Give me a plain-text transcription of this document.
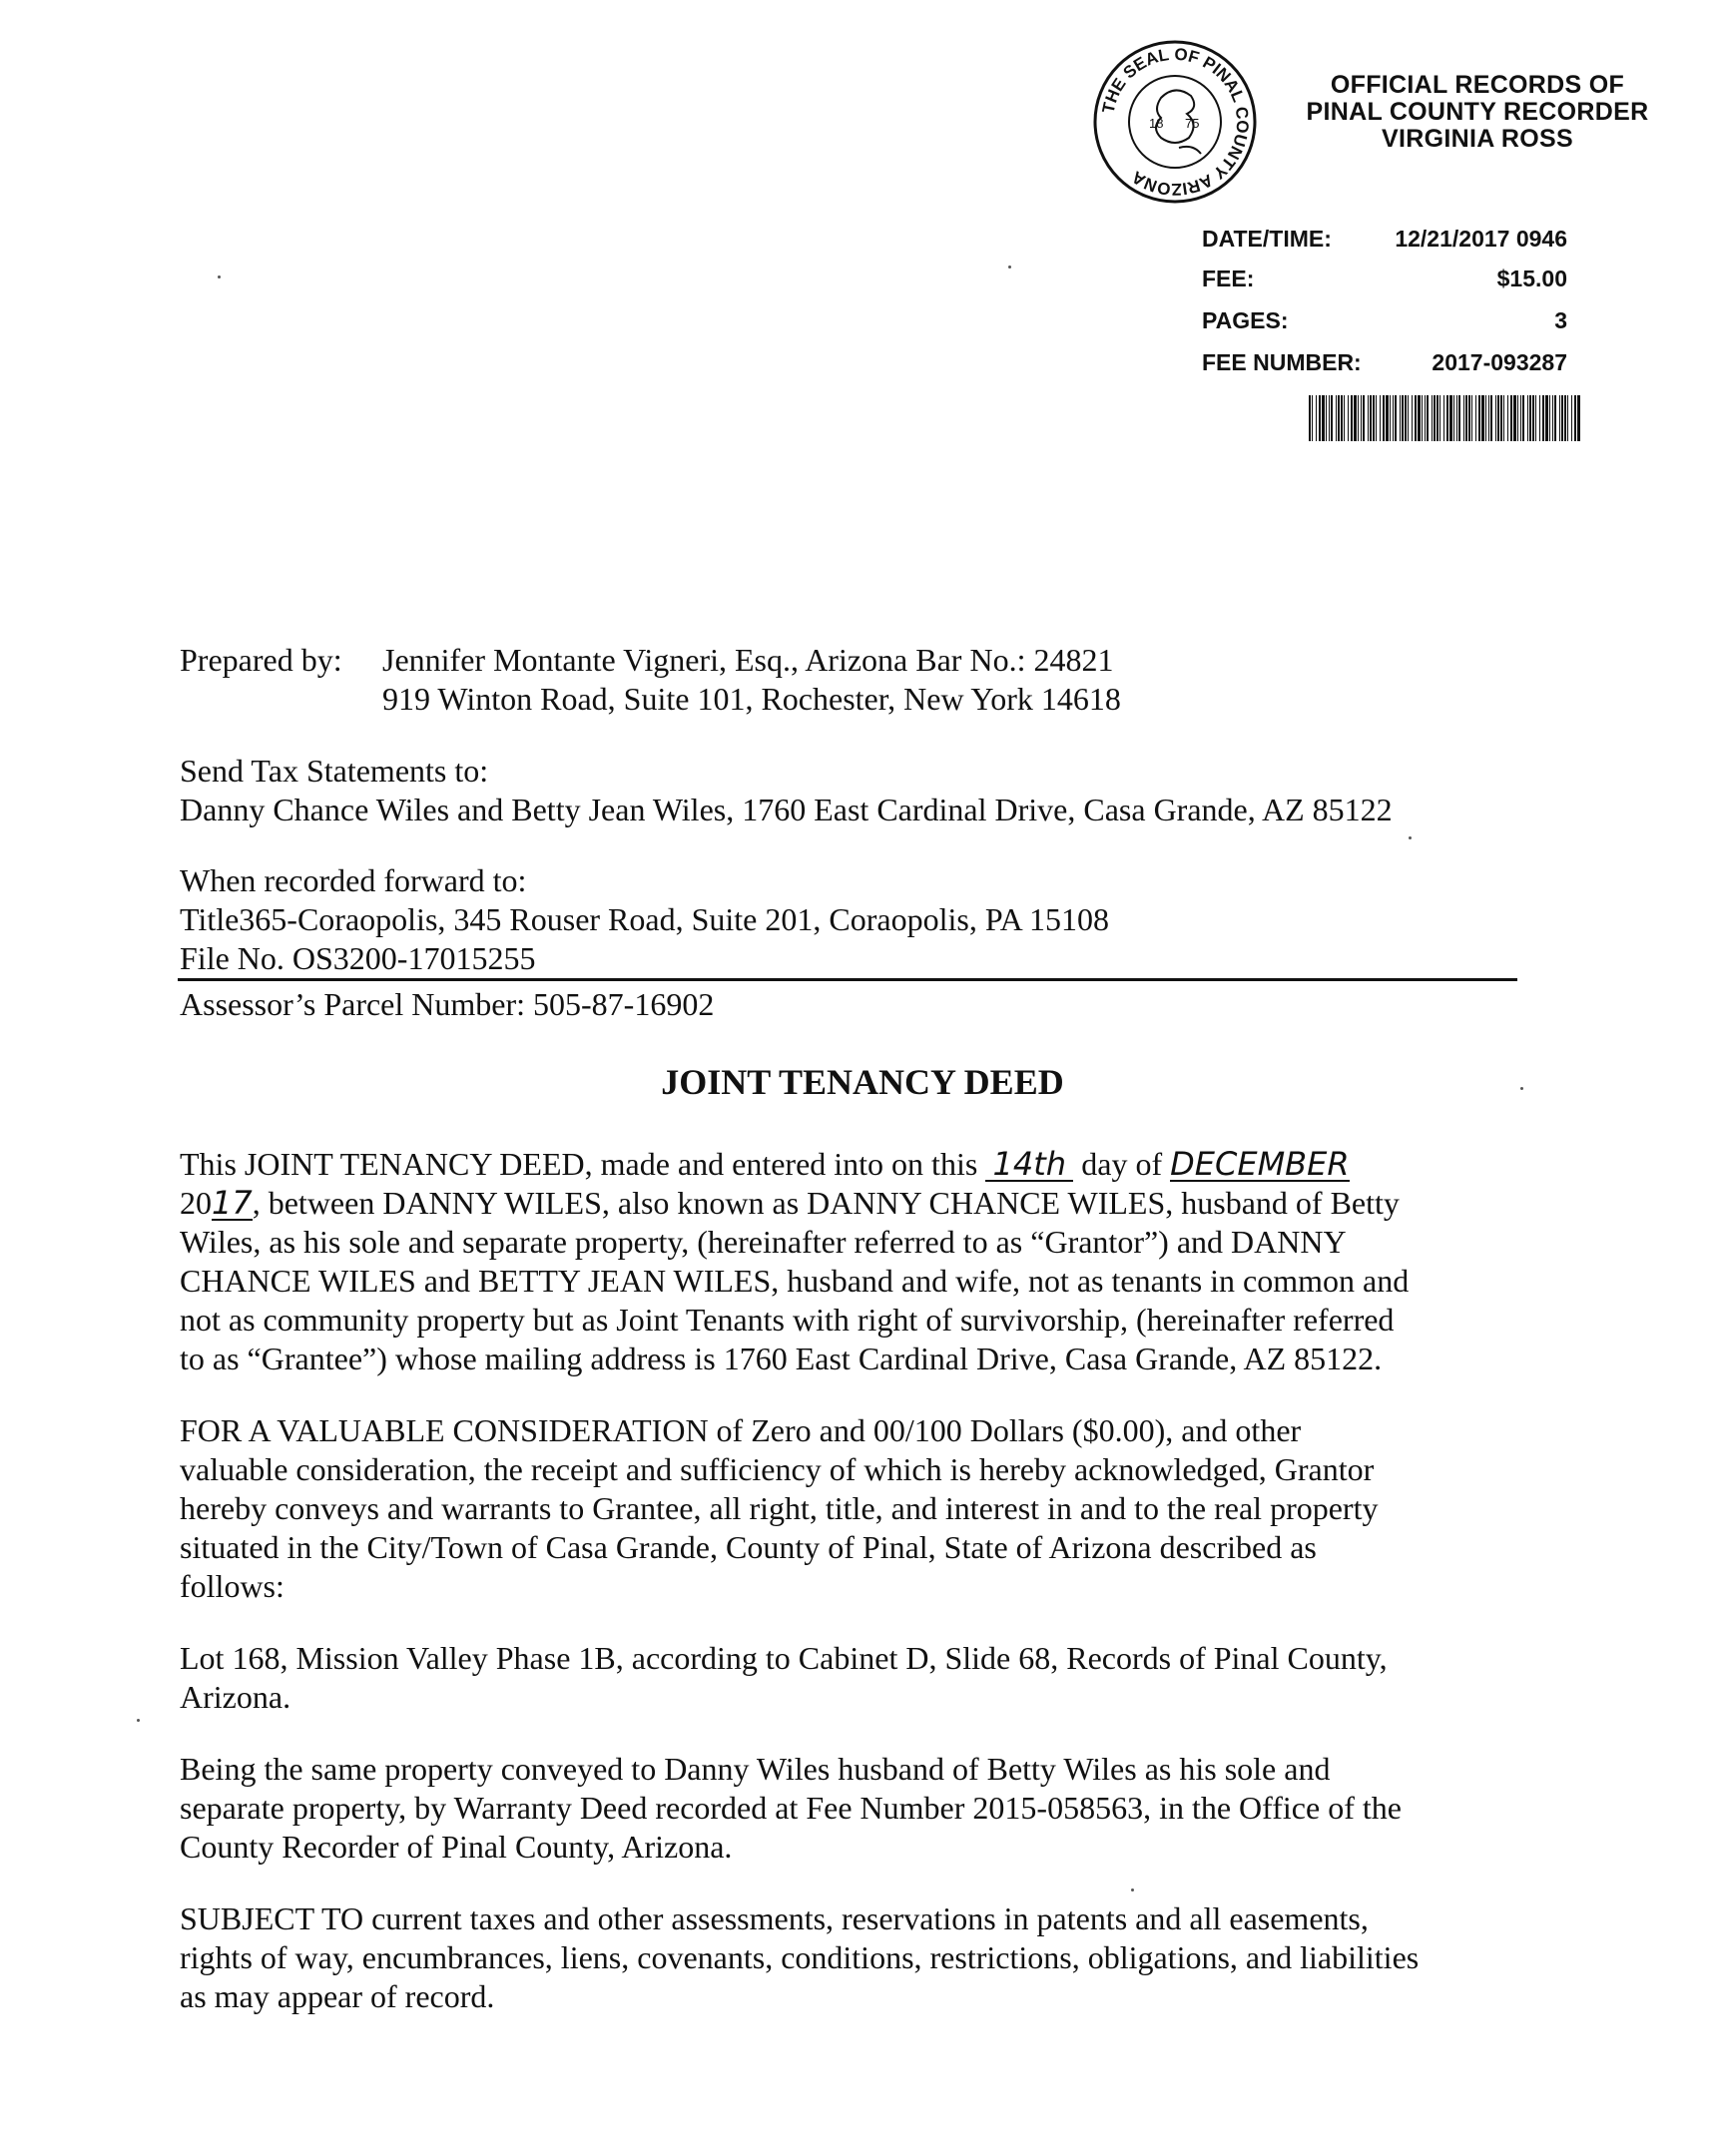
THE SEAL OF PINAL COUNTY ARIZONA
18 75
OFFICIAL RECORDS OF
PINAL COUNTY RECORDER
VIRGINIA ROSS
DATE/TIME:	12/21/2017 0946
FEE:	$15.00
PAGES:	3
FEE NUMBER:	2017-093287
Prepared by: Jennifer Montante Vigneri, Esq., Arizona Bar No.: 24821
919 Winton Road, Suite 101, Rochester, New York 14618
Send Tax Statements to:
Danny Chance Wiles and Betty Jean Wiles, 1760 East Cardinal Drive, Casa Grande, AZ 85122
When recorded forward to:
Title365-Coraopolis, 345 Rouser Road, Suite 201, Coraopolis, PA 15108
File No. OS3200-17015255
Assessor’s Parcel Number: 505-87-16902
JOINT TENANCY DEED
This JOINT TENANCY DEED, made and entered into on this 14th day of DECEMBER
2017, between DANNY WILES, also known as DANNY CHANCE WILES, husband of Betty
Wiles, as his sole and separate property, (hereinafter referred to as “Grantor”) and DANNY
CHANCE WILES and BETTY JEAN WILES, husband and wife, not as tenants in common and
not as community property but as Joint Tenants with right of survivorship, (hereinafter referred
to as “Grantee”) whose mailing address is 1760 East Cardinal Drive, Casa Grande, AZ 85122.
FOR A VALUABLE CONSIDERATION of Zero and 00/100 Dollars ($0.00), and other
valuable consideration, the receipt and sufficiency of which is hereby acknowledged, Grantor
hereby conveys and warrants to Grantee, all right, title, and interest in and to the real property
situated in the City/Town of Casa Grande, County of Pinal, State of Arizona described as
follows:
Lot 168, Mission Valley Phase 1B, according to Cabinet D, Slide 68, Records of Pinal County,
Arizona.
Being the same property conveyed to Danny Wiles husband of Betty Wiles as his sole and
separate property, by Warranty Deed recorded at Fee Number 2015-058563, in the Office of the
County Recorder of Pinal County, Arizona.
SUBJECT TO current taxes and other assessments, reservations in patents and all easements,
rights of way, encumbrances, liens, covenants, conditions, restrictions, obligations, and liabilities
as may appear of record.
